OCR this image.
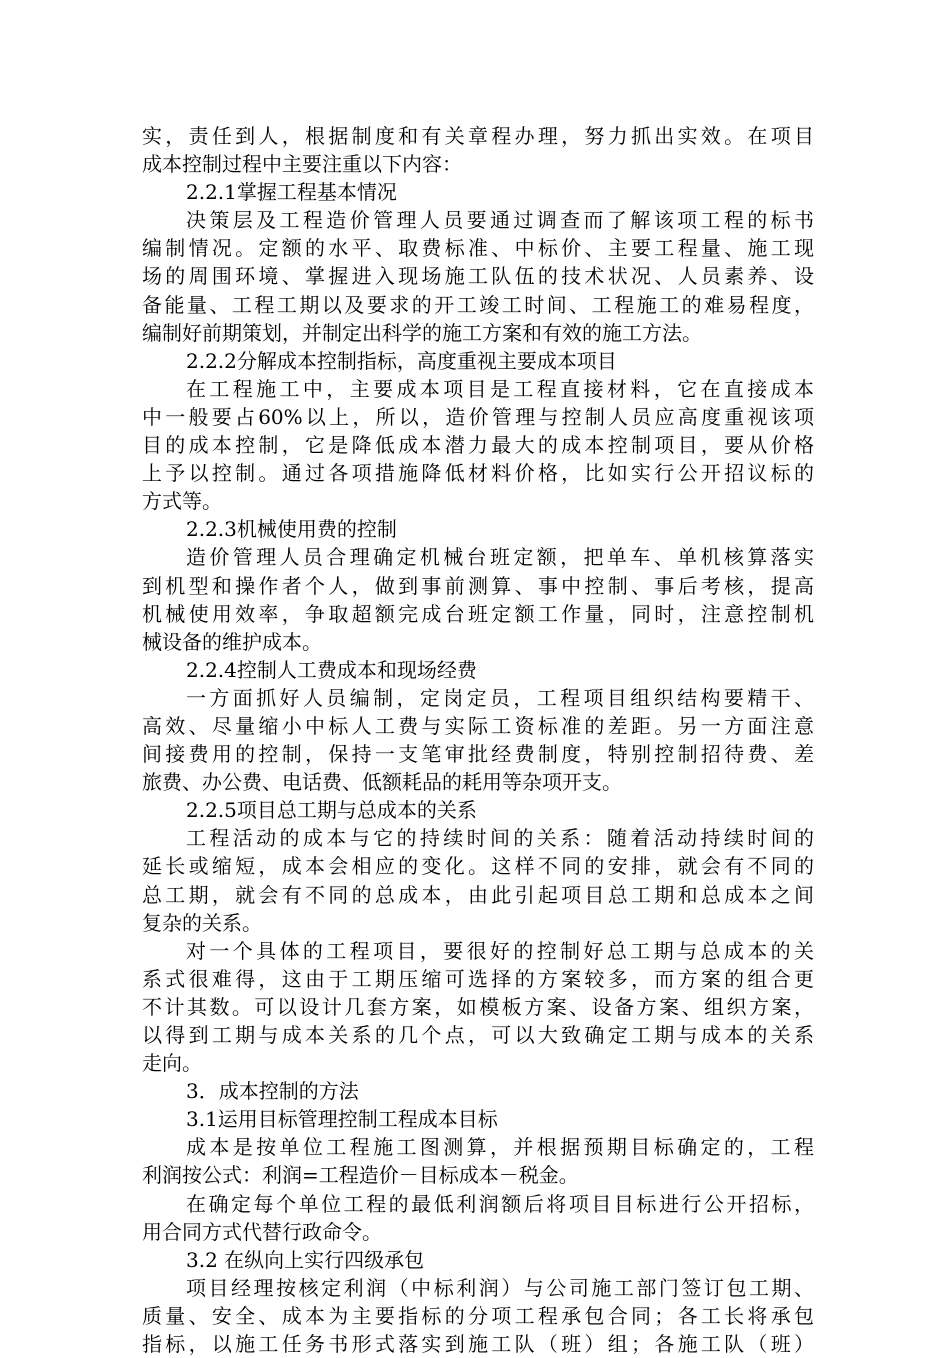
实，责任到人，根据制度和有关章程办理，努力抓出实效。在项目
成本控制过程中主要注重以下内容：
2.2.1掌握工程基本情况
决策层及工程造价管理人员要通过调查而了解该项工程的标书
编制情况。定额的水平、取费标准、中标价、主要工程量、施工现
场的周围环境、掌握进入现场施工队伍的技术状况、人员素养、设
备能量、工程工期以及要求的开工竣工时间、工程施工的难易程度，
编制好前期策划，并制定出科学的施工方案和有效的施工方法。
2.2.2分解成本控制指标，高度重视主要成本项目
在工程施工中，主要成本项目是工程直接材料，它在直接成本
中一般要占60%以上，所以，造价管理与控制人员应高度重视该项
目的成本控制，它是降低成本潜力最大的成本控制项目，要从价格
上予以控制。通过各项措施降低材料价格，比如实行公开招议标的
方式等。
2.2.3机械使用费的控制
造价管理人员合理确定机械台班定额，把单车、单机核算落实
到机型和操作者个人，做到事前测算、事中控制、事后考核，提高
机械使用效率，争取超额完成台班定额工作量，同时，注意控制机
械设备的维护成本。
2.2.4控制人工费成本和现场经费
一方面抓好人员编制，定岗定员，工程项目组织结构要精干、
高效、尽量缩小中标人工费与实际工资标准的差距。另一方面注意
间接费用的控制，保持一支笔审批经费制度，特别控制招待费、差
旅费、办公费、电话费、低额耗品的耗用等杂项开支。
2.2.5项目总工期与总成本的关系
工程活动的成本与它的持续时间的关系：随着活动持续时间的
延长或缩短，成本会相应的变化。这样不同的安排，就会有不同的
总工期，就会有不同的总成本，由此引起项目总工期和总成本之间
复杂的关系。
对一个具体的工程项目，要很好的控制好总工期与总成本的关
系式很难得，这由于工期压缩可选择的方案较多，而方案的组合更
不计其数。可以设计几套方案，如模板方案、设备方案、组织方案，
以得到工期与成本关系的几个点，可以大致确定工期与成本的关系
走向。
3．成本控制的方法
3.1运用目标管理控制工程成本目标
成本是按单位工程施工图测算，并根据预期目标确定的，工程
利润按公式：利润=工程造价－目标成本－税金。
在确定每个单位工程的最低利润额后将项目目标进行公开招标，
用合同方式代替行政命令。
3.2 在纵向上实行四级承包
项目经理按核定利润（中标利润）与公司施工部门签订包工期、
质量、安全、成本为主要指标的分项工程承包合同；各工长将承包
指标，以施工任务书形式落实到施工队（班）组；各施工队（班）
